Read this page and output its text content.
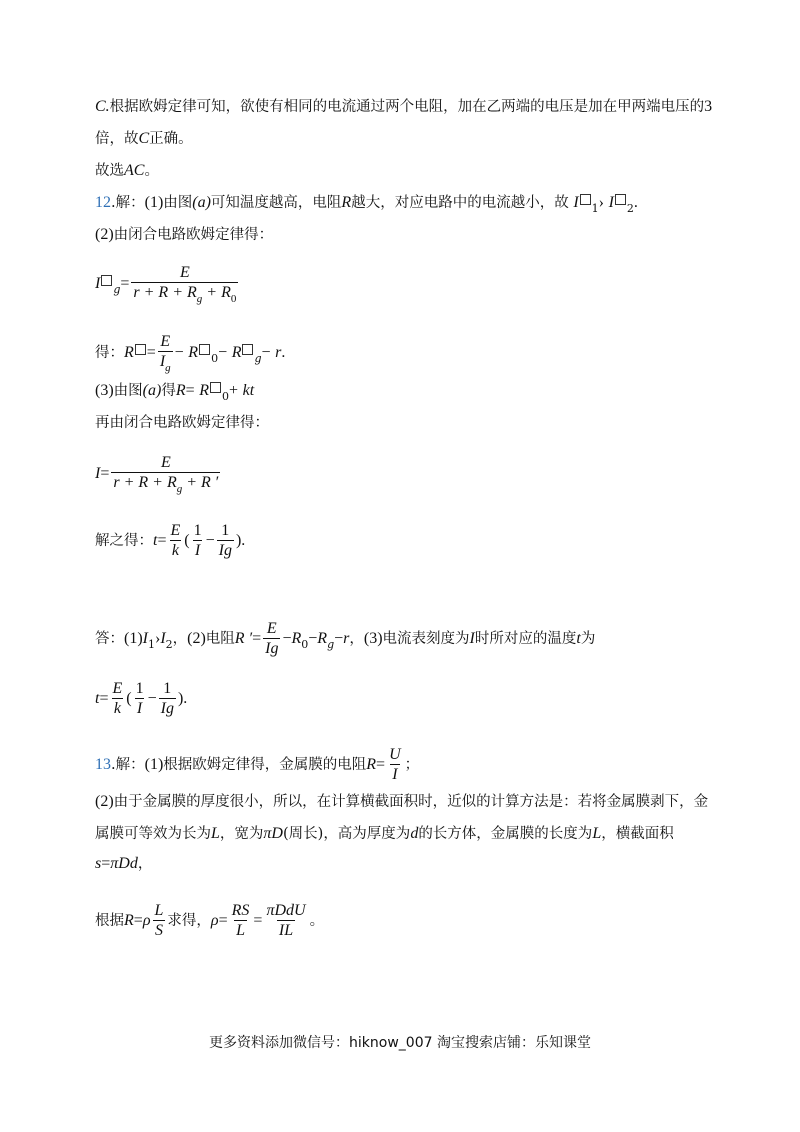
C.根据欧姆定律可知，欲使有相同的电流通过两个电阻，加在乙两端的电压是加在甲两端电压的3
倍，故C正确。
故选AC。
12.解：(1)由图(a)可知温度越高，电阻R越大，对应电路中的电流越小，故 I $_1$› I $_2$.
(2)由闭合电路欧姆定律得：
I $_g= \frac{E}{r + R + R_g + R_0}$
得：$R = \frac{E}{I_g} - R$ $_0$− R $_g$− r.
(3)由图(a)得R= R $_0$+ kt
再由闭合电路欧姆定律得：
$I= \frac{E}{r + R + R_g + R '}$
解之得：$t= \frac{E}{k}$ ( $\frac{1}{I} - \frac{1}{Ig}$ ).
答：$(1)I_1›I_2$，(2)电阻R ′= $\frac{E}{Ig} -R_0-R_g-r$，(3)电流表刻度为I时所对应的温度t为
$t= \frac{E}{k}$ ( $\frac{1}{I} - \frac{1}{Ig}$ ).
13.解：(1)根据欧姆定律得，金属膜的电阻$R= \frac{U}{I}$ ；
(2)由于金属膜的厚度很小，所以，在计算横截面积时，近似的计算方法是：若将金属膜剥下，金
属膜可等效为长为L，宽为πD(周长)，高为厚度为d的长方体，金属膜的长度为L，横截面积
s=πDd，
根据$R=\rho \frac{L}{S}$ 求得，$\rho= \frac{RS}{L} = \frac{\text{πDdU}}{IL}$ 。
更多资料添加微信号：hiknow_007 淘宝搜索店铺：乐知课堂
